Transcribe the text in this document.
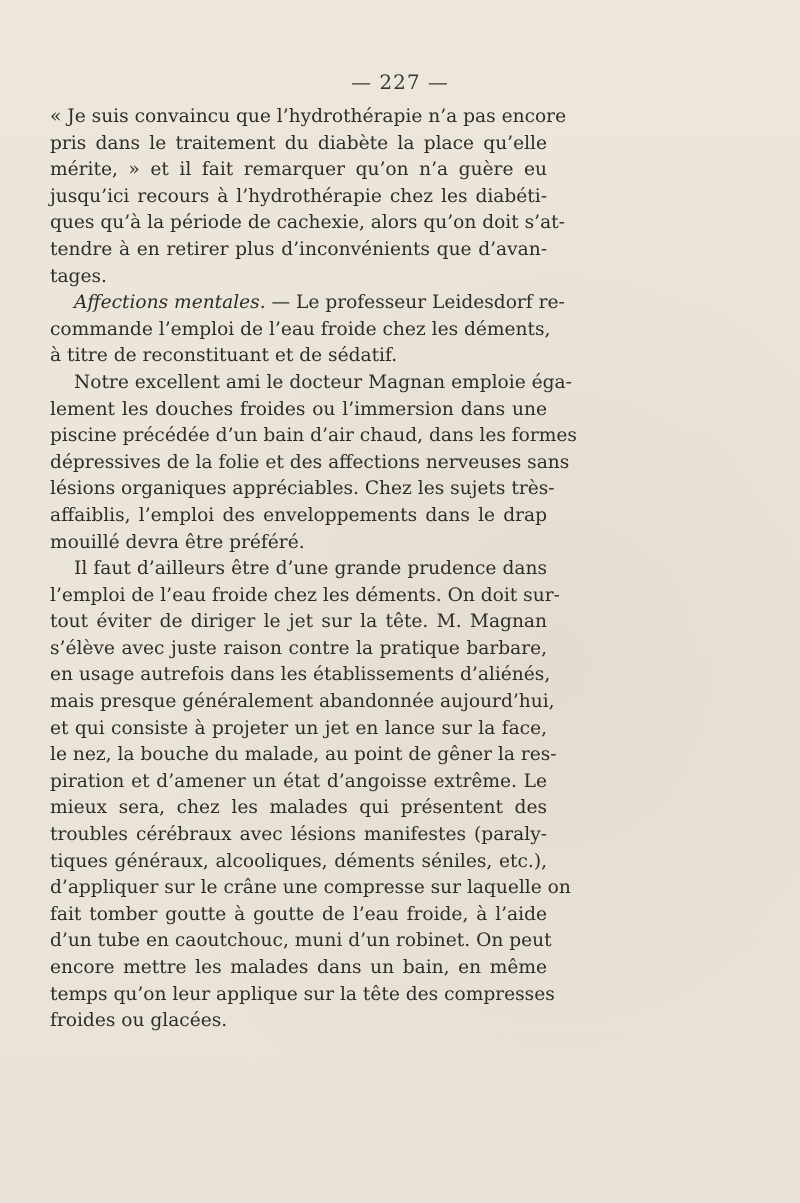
— 227 —
« Je suis convaincu que l’hydrothérapie n’a pas encore
pris dans le traitement du diabète la place qu’elle
mérite, » et il fait remarquer qu’on n’a guère eu
jusqu’ici recours à l’hydrothérapie chez les diabéti-
ques qu’à la période de cachexie, alors qu’on doit s’at-
tendre à en retirer plus d’inconvénients que d’avan-
tages.
Affections mentales. — Le professeur Leidesdorf re-
commande l’emploi de l’eau froide chez les déments,
à titre de reconstituant et de sédatif.
Notre excellent ami le docteur Magnan emploie éga-
lement les douches froides ou l’immersion dans une
piscine précédée d’un bain d’air chaud, dans les formes
dépressives de la folie et des affections nerveuses sans
lésions organiques appréciables. Chez les sujets très-
affaiblis, l’emploi des enveloppements dans le drap
mouillé devra être préféré.
Il faut d’ailleurs être d’une grande prudence dans
l’emploi de l’eau froide chez les déments. On doit sur-
tout éviter de diriger le jet sur la tête. M. Magnan
s’élève avec juste raison contre la pratique barbare,
en usage autrefois dans les établissements d’aliénés,
mais presque généralement abandonnée aujourd’hui,
et qui consiste à projeter un jet en lance sur la face,
le nez, la bouche du malade, au point de gêner la res-
piration et d’amener un état d’angoisse extrême. Le
mieux sera, chez les malades qui présentent des
troubles cérébraux avec lésions manifestes (paraly-
tiques généraux, alcooliques, déments séniles, etc.),
d’appliquer sur le crâne une compresse sur laquelle on
fait tomber goutte à goutte de l’eau froide, à l’aide
d’un tube en caoutchouc, muni d’un robinet. On peut
encore mettre les malades dans un bain, en même
temps qu’on leur applique sur la tête des compresses
froides ou glacées.
